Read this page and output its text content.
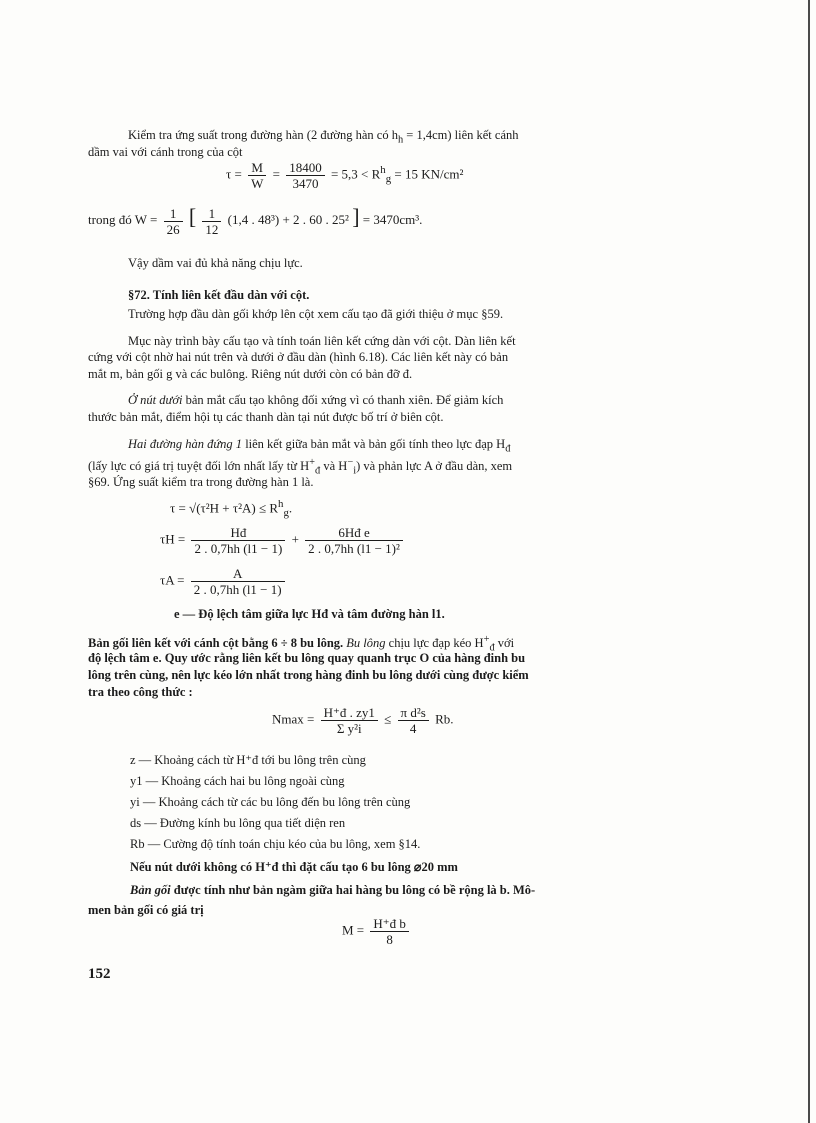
Kiểm tra ứng suất trong đường hàn (2 đường hàn có $h_h = 1,4cm$) liên kết cánh
dầm vai với cánh trong của cột
$\tau = \frac{M}{W} = \frac{18400}{3470} = 5,3 < R^h_g = 15$ KN/cm²
trong đó $W = \frac{1}{26}$ [ $\frac{1}{12} (1,4$ . 48³) + 2 . 60 . 25² ] = 3470cm³.
Vậy dầm vai đủ khả năng chịu lực.
§72. Tính liên kết đầu dàn với cột.
Trường hợp đầu dàn gối khớp lên cột xem cấu tạo đã giới thiệu ở mục §59.
Mục này trình bày cấu tạo và tính toán liên kết cứng dàn với cột. Dàn liên kết
cứng với cột nhờ hai nút trên và dưới ở đầu dàn (hình 6.18). Các liên kết này có bản
mắt m, bản gối g và các bulông. Riêng nút dưới còn có bản đỡ đ.
Ở nút dưới bản mắt cấu tạo không đối xứng vì có thanh xiên. Để giảm kích
thước bản mắt, điểm hội tụ các thanh dàn tại nút được bố trí ở biên cột.
Hai đường hàn đứng 1 liên kết giữa bản mắt và bản gối tính theo lực đạp $H_đ$
(lấy lực có giá trị tuyệt đối lớn nhất lấy từ $H^+_đ$ và $H^-_i$) và phản lực A ở đầu dàn, xem
§69. Ứng suất kiểm tra trong đường hàn 1 là.
$\tau = √(\tau^2H + \tau^2A) \le R^h_g$.
$\tau H = \frac{Hđ}{2 . 0,7hh (l1 - 1)} + \frac{\text{6Hđ e}}{\text{2 . 0,7hh (l1 − 1)²}}$
$\tau A = \frac{A}{2 . 0,7hh (l1 - 1)}$
e — Độ lệch tâm giữa lực Hđ và tâm đường hàn l1.
Bản gối liên kết với cánh cột bằng 6 ÷ 8 bu lông. Bu lông chịu lực đạp kéo $H^+_đ$ với
độ lệch tâm e. Quy ước rằng liên kết bu lông quay quanh trục O của hàng đinh bu
lông trên cùng, nên lực kéo lớn nhất trong hàng đinh bu lông dưới cùng được kiểm
tra theo công thức :
$Nmax = \frac{H^+đ . zy1}{\text{Σ y²i}} \le \frac{\text{π d²s}}{4} Rb$.
z — Khoảng cách từ H⁺đ tới bu lông trên cùng
y1 — Khoảng cách hai bu lông ngoài cùng
yi — Khoảng cách từ các bu lông đến bu lông trên cùng
ds — Đường kính bu lông qua tiết diện ren
Rb — Cường độ tính toán chịu kéo của bu lông, xem §14.
Nếu nút dưới không có H⁺đ thì đặt cấu tạo 6 bu lông ⌀20 mm
Bản gối được tính như bản ngàm giữa hai hàng bu lông có bề rộng là b. Mô-
men bản gối có giá trị
$M = \frac{\text{H⁺đ b}}{8}$
152
